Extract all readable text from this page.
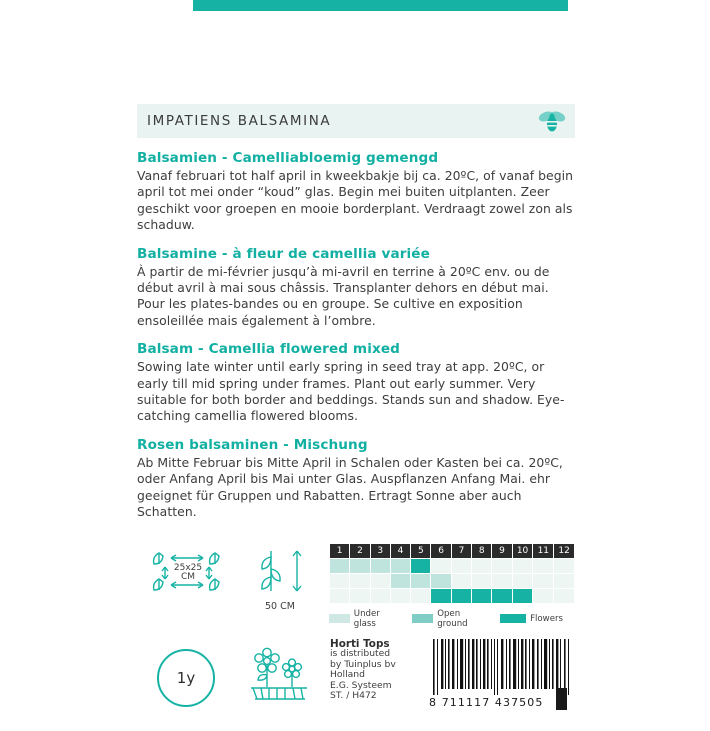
IMPATIENS BALSAMINA
Balsamien - Camelliabloemig gemengd

Vanaf februari tot half april in kweekbakje bij ca. 20ºC, of vanaf begin april tot mei onder “koud” glas. Begin mei buiten uitplanten. Zeer geschikt voor groepen en mooie borderplant. Verdraagt zowel zon als schaduw.

Balsamine - à fleur de camellia variée

À partir de mi-février jusqu’à mi-avril en terrine à 20ºC env. ou de début avril à mai sous châssis. Transplanter dehors en début mai. Pour les plates-bandes ou en groupe. Se cultive en exposition ensoleillée mais également à l’ombre.

Balsam - Camellia flowered mixed

Sowing late winter until early spring in seed tray at app. 20ºC, or early till mid spring under frames. Plant out early summer. Very suitable for both border and beddings. Stands sun and shadow. Eye-catching camellia flowered blooms.

Rosen balsaminen - Mischung

Ab Mitte Februar bis Mitte April in Schalen oder Kasten bei ca. 20ºC, oder Anfang April bis Mai unter Glas. Auspflanzen Anfang Mai. ehr geeignet für Gruppen und Rabatten. Ertragt Sonne aber auch Schatten.

25x25
CM
50 CM
1	2	3	4	5	6	7	8	9	10	11	12

Under glass
Open ground	Flowers
1y
Horti Tops
is distributed
by Tuinplus bv
Holland
E.G. Systeem
ST. / H472	8 711117 437505
